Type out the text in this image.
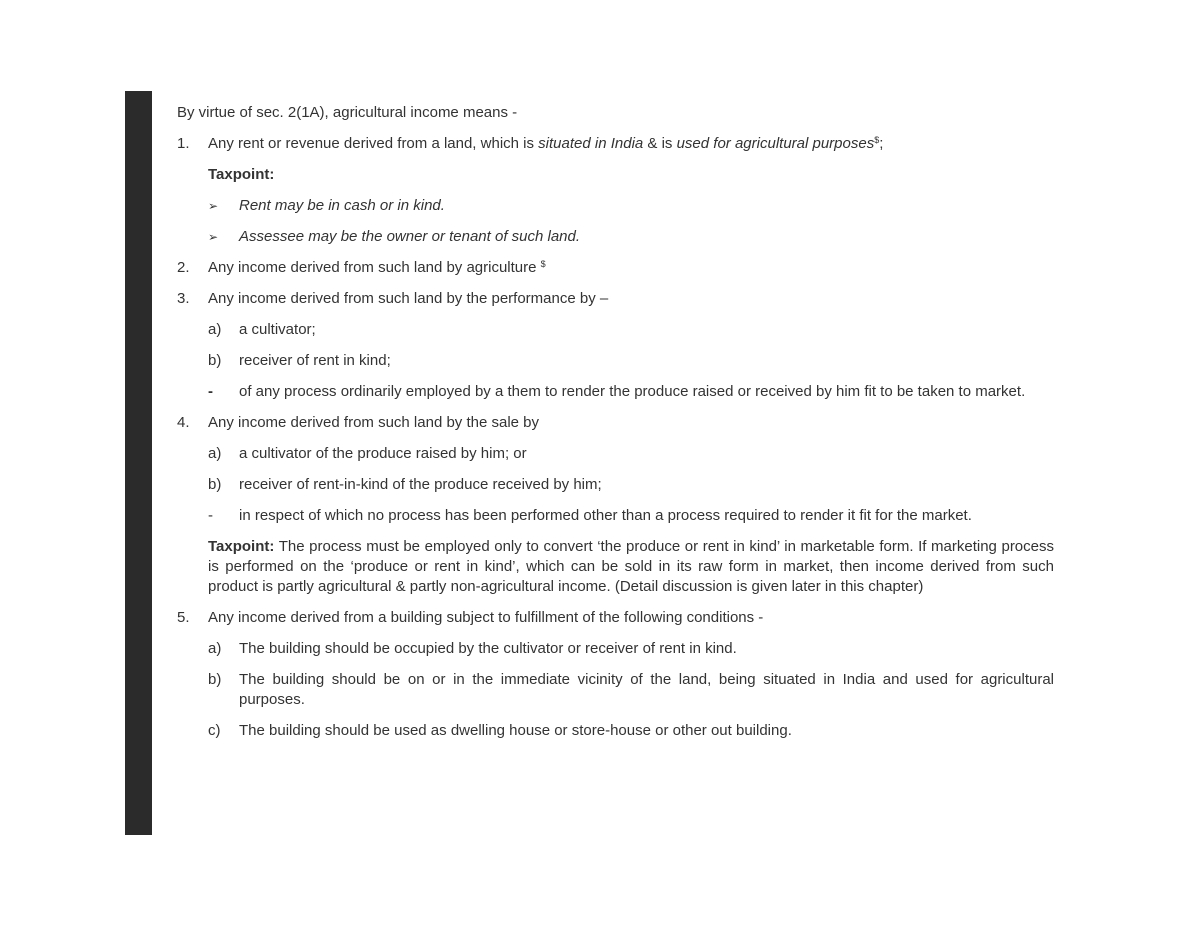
By virtue of sec. 2(1A), agricultural income means -

1.	Any rent or revenue derived from a land, which is situated in India & is used for agricultural purposes$;
Taxpoint:
➢	Rent may be in cash or in kind.
➢	Assessee may be the owner or tenant of such land.
2.	Any income derived from such land by agriculture $
3.	Any income derived from such land by the performance by –
a)	a cultivator;
b)	receiver of rent in kind;
-	of any process ordinarily employed by a them to render the produce raised or received by him fit to be taken to market.
4.	Any income derived from such land by the sale by
a)	a cultivator of the produce raised by him; or
b)	receiver of rent-in-kind of the produce received by him;
-	in respect of which no process has been performed other than a process required to render it fit for the market.
Taxpoint: The process must be employed only to convert ‘the produce or rent in kind’ in marketable form. If marketing process is performed on the ‘produce or rent in kind’, which can be sold in its raw form in market, then income derived from such product is partly agricultural & partly non-agricultural income. (Detail discussion is given later in this chapter)
5.	Any income derived from a building subject to fulfillment of the following conditions -
a)	The building should be occupied by the cultivator or receiver of rent in kind.
b)	The building should be on or in the immediate vicinity of the land, being situated in India and used for agricultural purposes.
c)	The building should be used as dwelling house or store-house or other out building.
